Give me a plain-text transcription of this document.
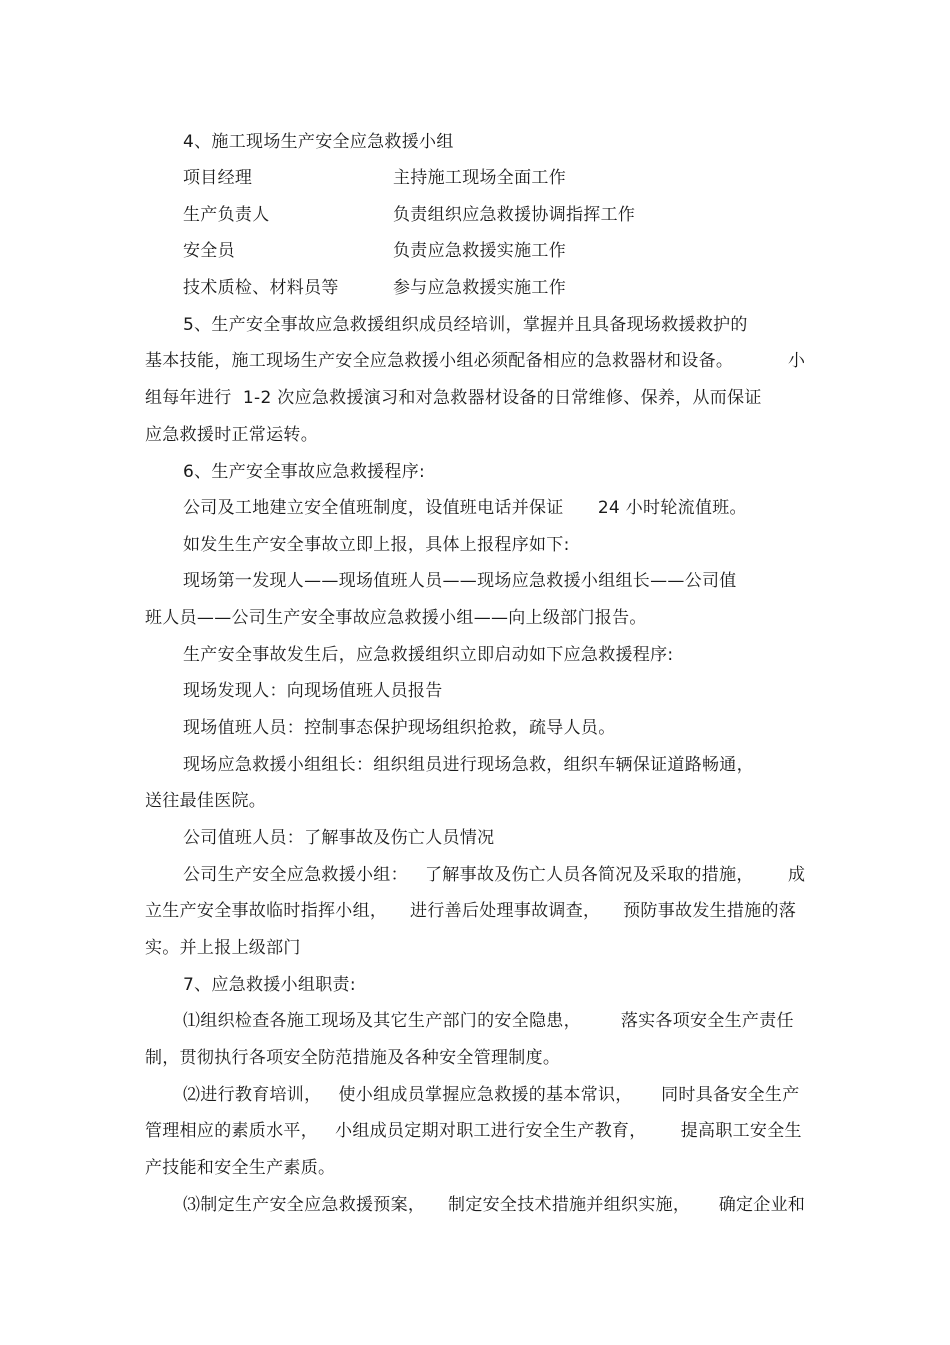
4、施工现场生产安全应急救援小组
项目经理	主持施工现场全面工作
生产负责人	负责组织应急救援协调指挥工作
安全员	负责应急救援实施工作
技术质检、材料员等	参与应急救援实施工作
5、生产安全事故应急救援组织成员经培训，掌握并且具备现场救援救护的
基本技能，施工现场生产安全应急救援小组必须配备相应的急救器材和设备。	小
组每年进行  1-2 次应急救援演习和对急救器材设备的日常维修、保养，从而保证
应急救援时正常运转。
6、生产安全事故应急救援程序:
公司及工地建立安全值班制度，设值班电话并保证      24 小时轮流值班。
如发生生产安全事故立即上报，具体上报程序如下:
现场第一发现人——现场值班人员——现场应急救援小组组长——公司值
班人员——公司生产安全事故应急救援小组——向上级部门报告。
生产安全事故发生后，应急救援组织立即启动如下应急救援程序:
现场发现人：向现场值班人员报告
现场值班人员：控制事态保护现场组织抢救，疏导人员。
现场应急救援小组组长：组织组员进行现场急救，组织车辆保证道路畅通，
送往最佳医院。
公司值班人员：了解事故及伤亡人员情况
公司生产安全应急救援小组：   了解事故及伤亡人员各简况及采取的措施， 成
立生产安全事故临时指挥小组，    进行善后处理事故调查，    预防事故发生措施的落
实。并上报上级部门
7、应急救援小组职责:
⑴组织检查各施工现场及其它生产部门的安全隐患，       落实各项安全生产责任
制，贯彻执行各项安全防范措施及各种安全管理制度。
⑵进行教育培训，   使小组成员掌握应急救援的基本常识，     同时具备安全生产
管理相应的素质水平，   小组成员定期对职工进行安全生产教育，      提高职工安全生
产技能和安全生产素质。
⑶制定生产安全应急救援预案，    制定安全技术措施并组织实施，     确定企业和
